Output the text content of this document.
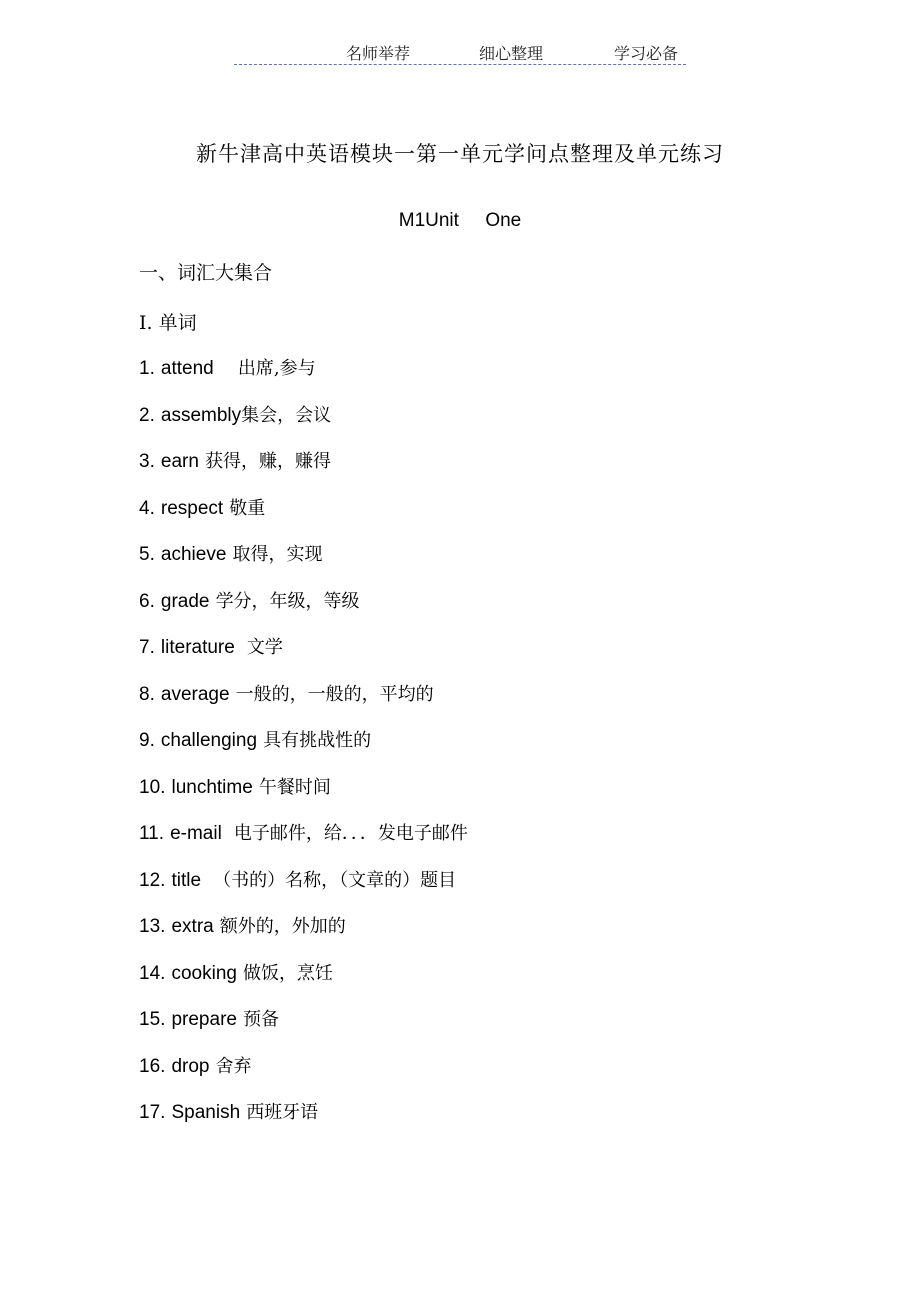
名师举荐	细心整理	学习必备
新牛津高中英语模块一第一单元学问点整理及单元练习
M1Unit     One
一、词汇大集合
I. 单词
1. attend 出席,参与
2. assembly集会，会议
3. earn 获得，赚，赚得
4. respect 敬重
5. achieve 取得，实现
6. grade 学分，年级，等级
7. literature 文学
8. average 一般的，一般的，平均的
9. challenging 具有挑战性的
10. lunchtime 午餐时间
11. e-mail 电子邮件，给．．．发电子邮件
12. title （书的）名称，（文章的）题目
13. extra 额外的，外加的
14. cooking 做饭，烹饪
15. prepare 预备
16. drop 舍弃
17. Spanish 西班牙语
